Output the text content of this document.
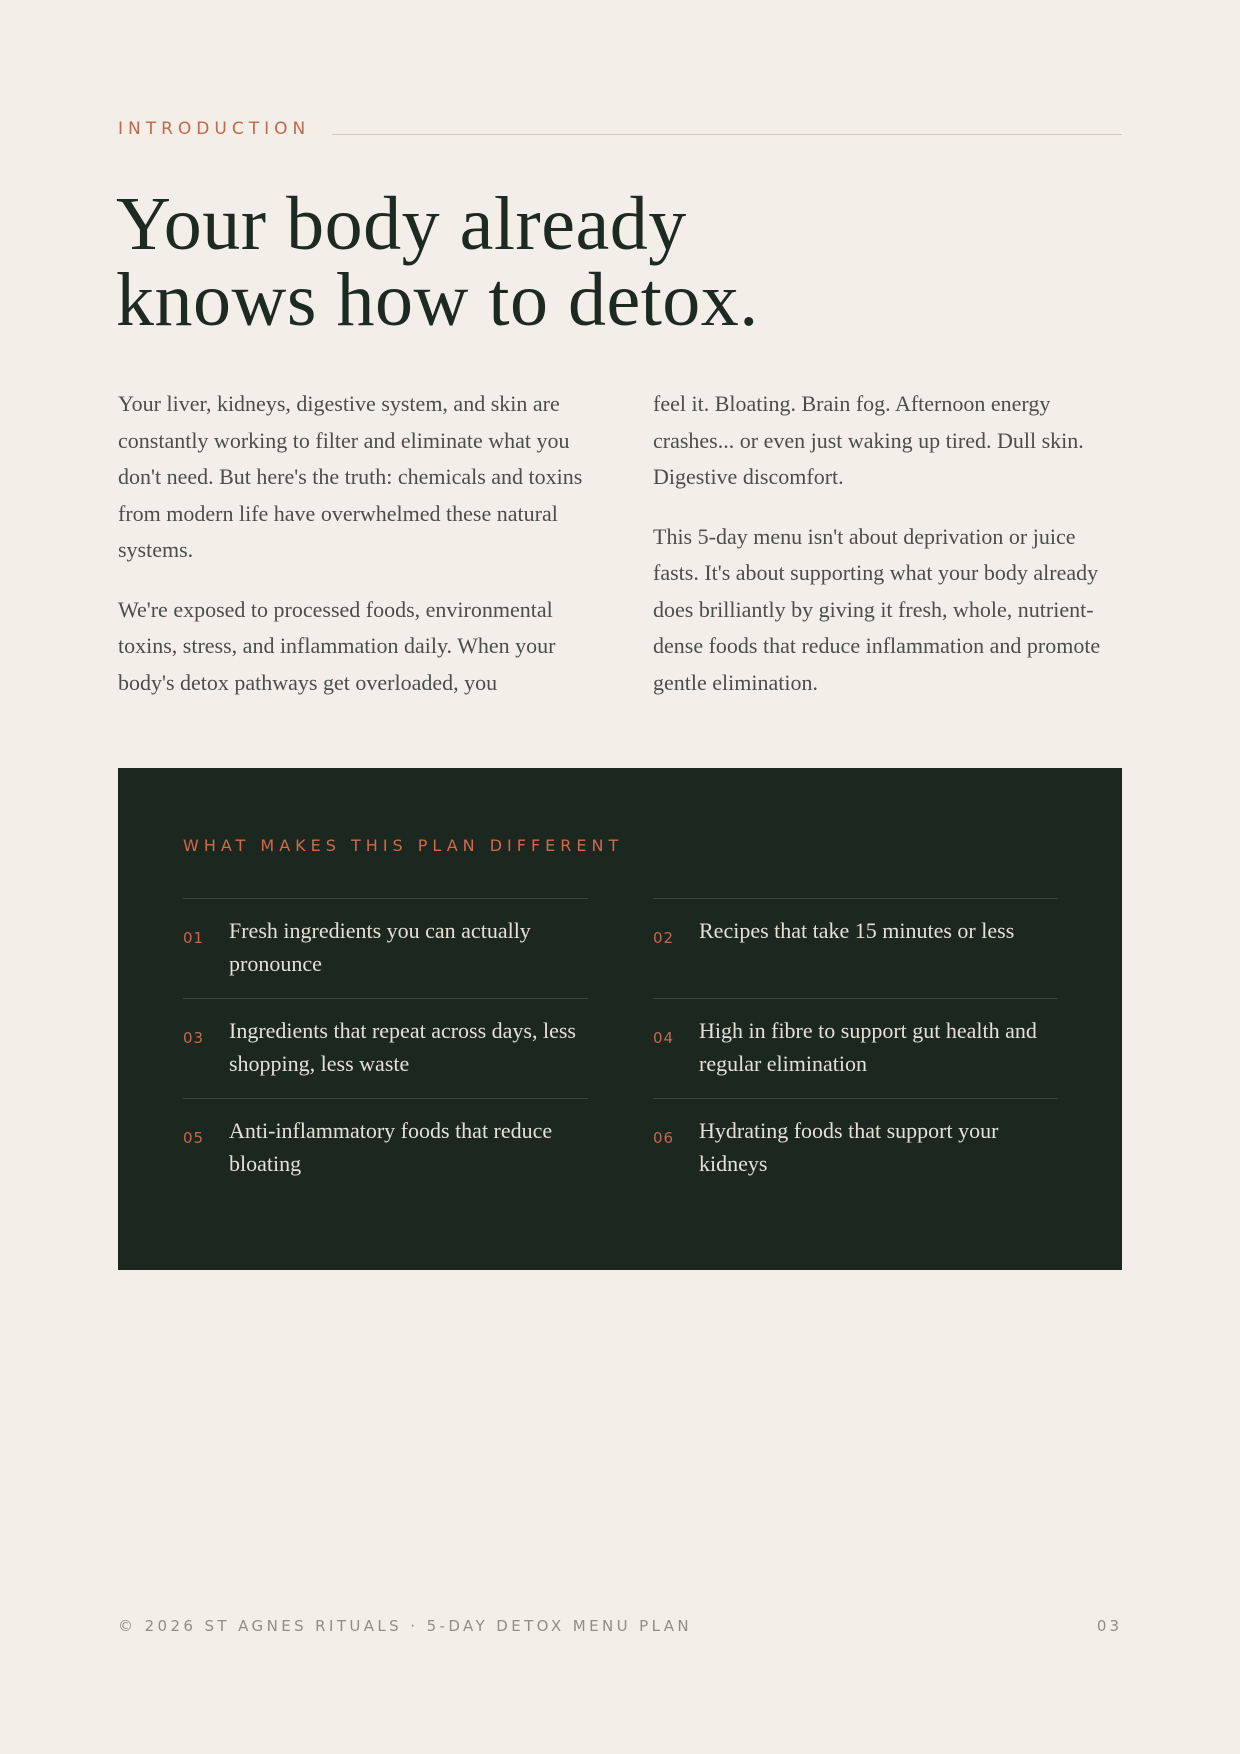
INTRODUCTION
Your body already
knows how to detox.

Your liver, kidneys, digestive system, and skin are constantly working to filter and eliminate what you don't need. But here's the truth: chemicals and toxins from modern life have overwhelmed these natural systems.

We're exposed to processed foods, environmental toxins, stress, and inflammation daily. When your body's detox pathways get overloaded, you

feel it. Bloating. Brain fog. Afternoon energy crashes... or even just waking up tired. Dull skin. Digestive discomfort.

This 5-day menu isn't about deprivation or juice fasts. It's about supporting what your body already does brilliantly by giving it fresh, whole, nutrient-dense foods that reduce inflammation and promote gentle elimination.

WHAT MAKES THIS PLAN DIFFERENT
01 Fresh ingredients you can actually pronounce
02 Recipes that take 15 minutes or less
03 Ingredients that repeat across days, less shopping, less waste
04 High in fibre to support gut health and regular elimination
05 Anti-inflammatory foods that reduce bloating
06 Hydrating foods that support your kidneys
© 2026 ST AGNES RITUALS · 5-DAY DETOX MENU PLAN	03
